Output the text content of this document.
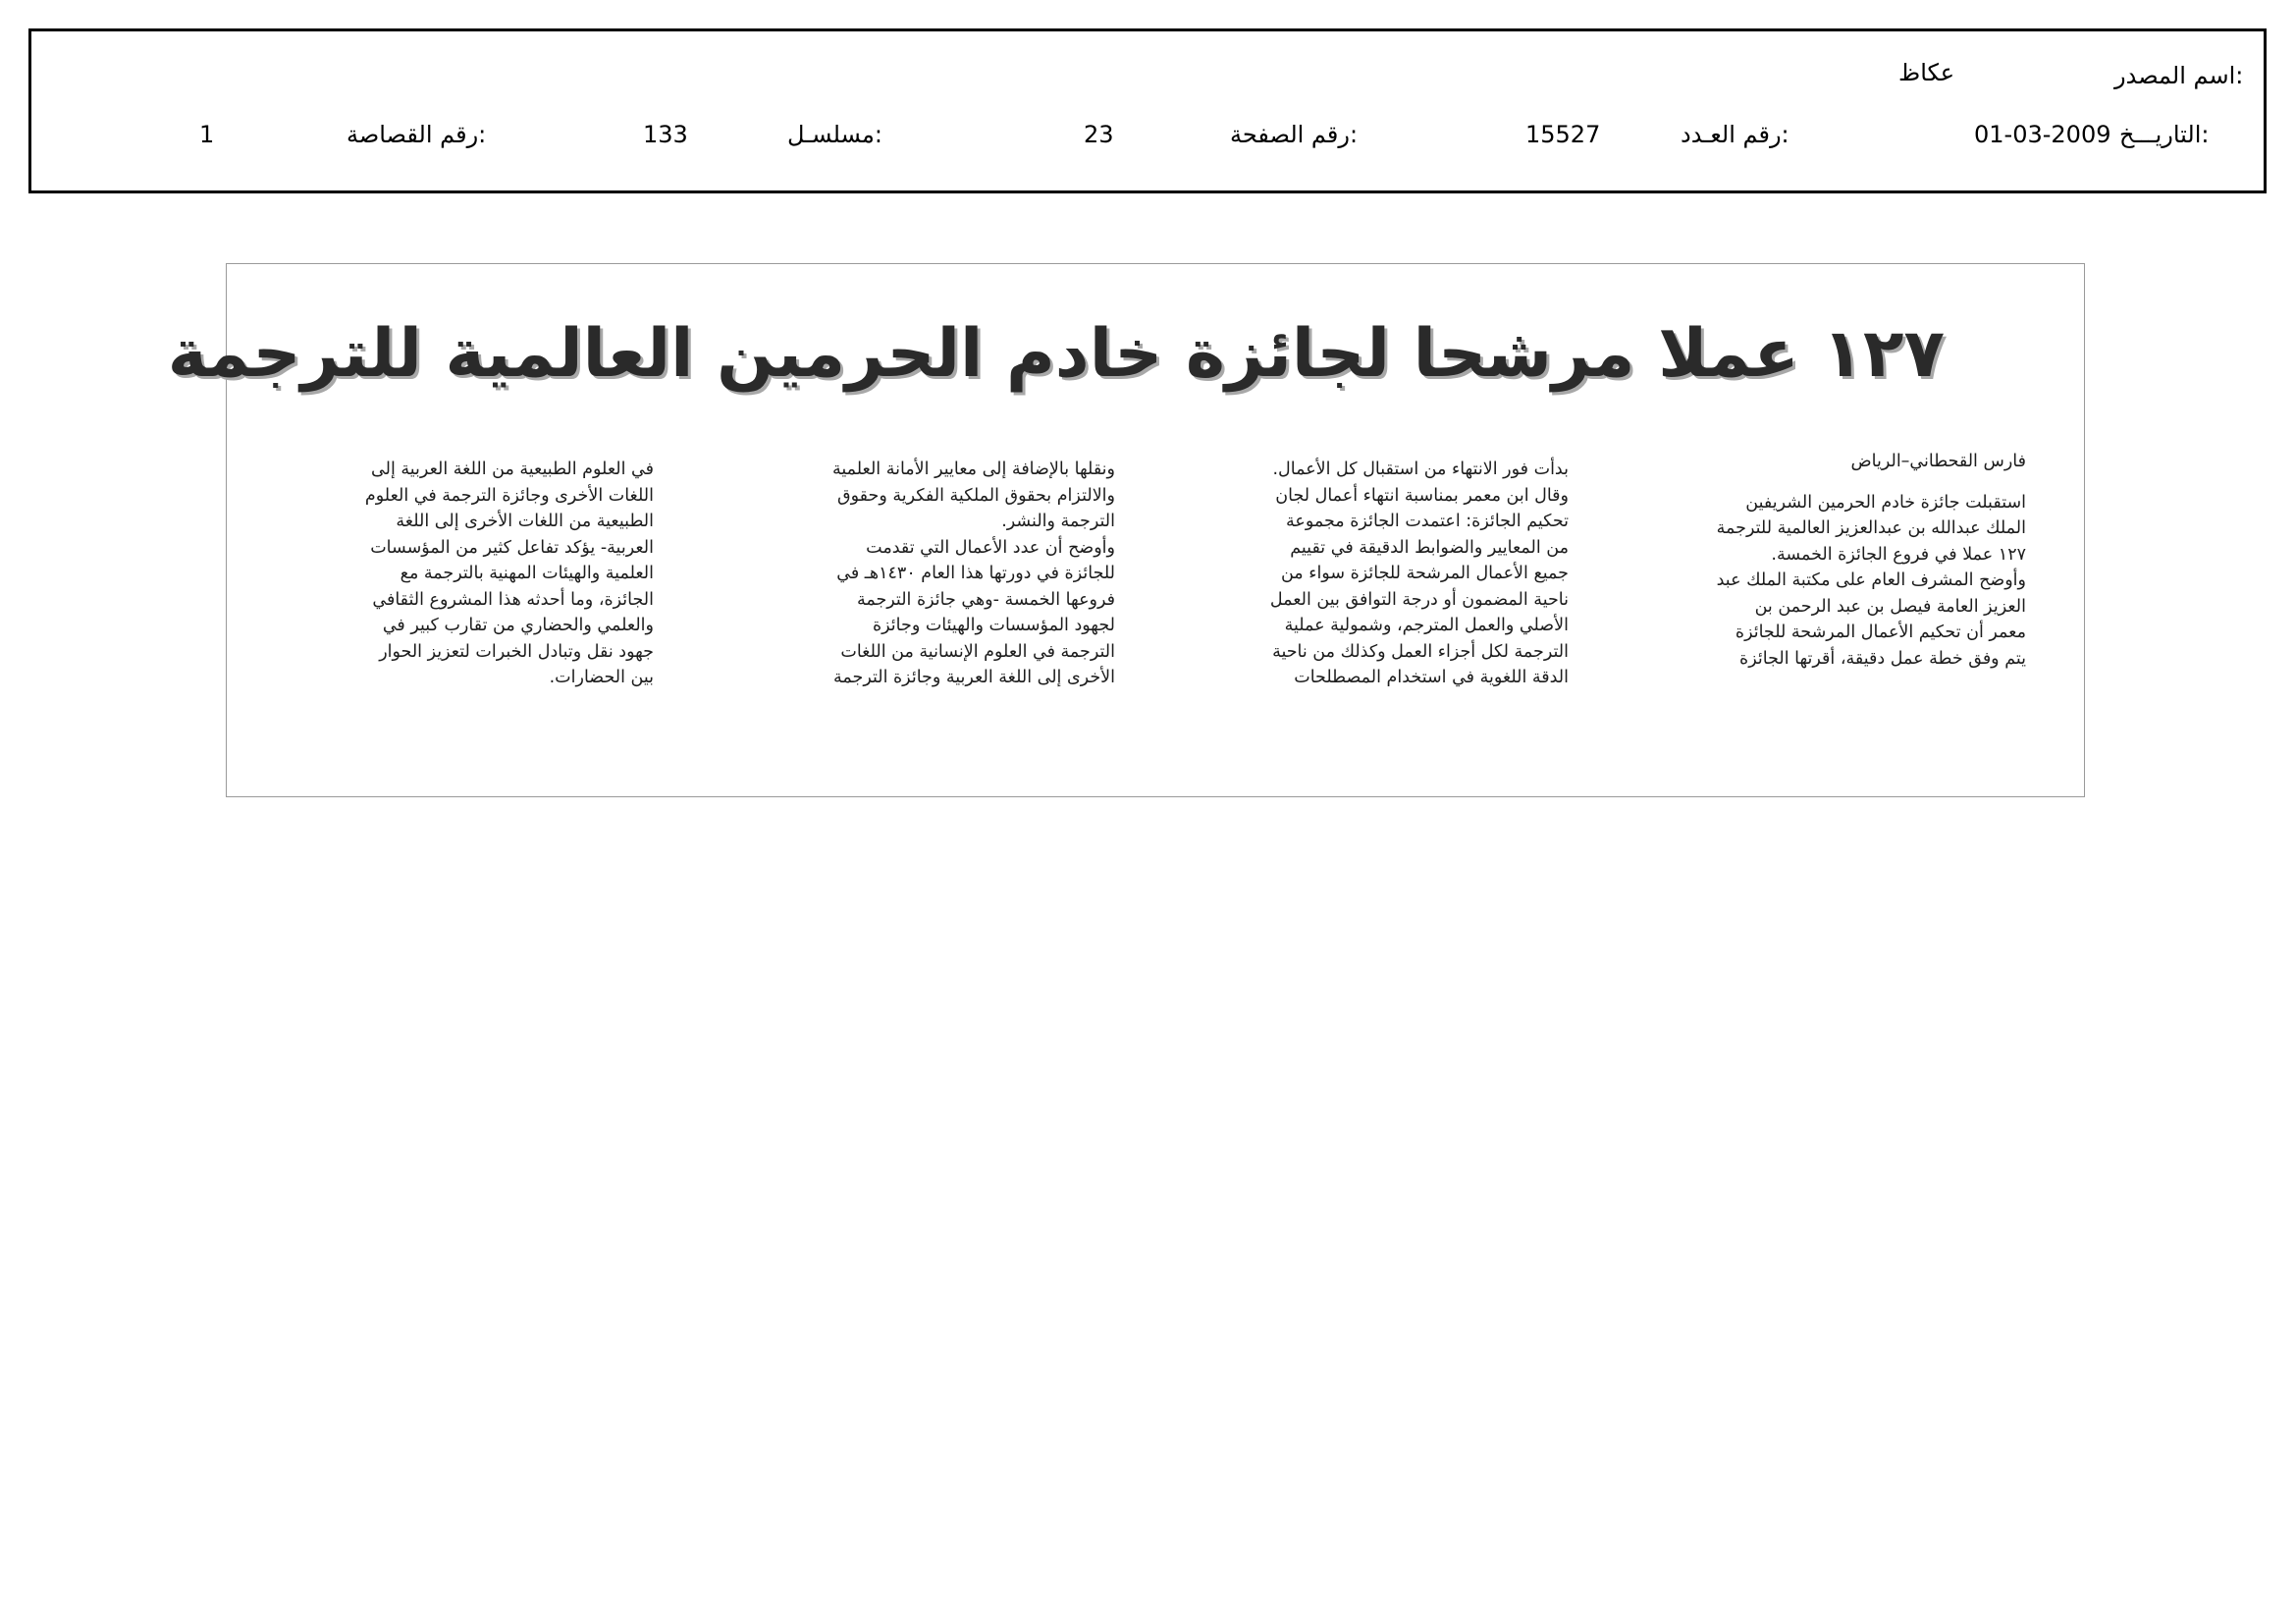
اسم المصدر:
عكاظ
التاريـــخ:
01-03-2009
رقم العـدد:
15527
رقم الصفحة:
23
مسلسـل:
133
رقم القصاصة:
1
١٢٧ عملا مرشحا لجائزة خادم الحرمين العالمية للترجمة

فارس القحطاني–الرياض

استقبلت جائزة خادم الحرمين الشريفين

الملك عبدالله بن عبدالعزيز العالمية للترجمة

١٢٧ عملا في فروع الجائزة الخمسة.

وأوضح المشرف العام على مكتبة الملك عبد

العزيز العامة فيصل بن عبد الرحمن بن

معمر أن تحكيم الأعمال المرشحة للجائزة

يتم وفق خطة عمل دقيقة، أقرتها الجائزة

بدأت فور الانتهاء من استقبال كل الأعمال.

وقال ابن معمر بمناسبة انتهاء أعمال لجان

تحكيم الجائزة: اعتمدت الجائزة مجموعة

من المعايير والضوابط الدقيقة في تقييم

جميع الأعمال المرشحة للجائزة سواء من

ناحية المضمون أو درجة التوافق بين العمل

الأصلي والعمل المترجم، وشمولية عملية

الترجمة لكل أجزاء العمل وكذلك من ناحية

الدقة اللغوية في استخدام المصطلحات

ونقلها بالإضافة إلى معايير الأمانة العلمية

والالتزام بحقوق الملكية الفكرية وحقوق

الترجمة والنشر.

وأوضح أن عدد الأعمال التي تقدمت

للجائزة في دورتها هذا العام ١٤٣٠هـ في

فروعها الخمسة -وهي جائزة الترجمة

لجهود المؤسسات والهيئات وجائزة

الترجمة في العلوم الإنسانية من اللغات

الأخرى إلى اللغة العربية وجائزة الترجمة

في العلوم الطبيعية من اللغة العربية إلى

اللغات الأخرى وجائزة الترجمة في العلوم

الطبيعية من اللغات الأخرى إلى اللغة

العربية- يؤكد تفاعل كثير من المؤسسات

العلمية والهيئات المهنية بالترجمة مع

الجائزة، وما أحدثه هذا المشروع الثقافي

والعلمي والحضاري من تقارب كبير في

جهود نقل وتبادل الخبرات لتعزيز الحوار

بين الحضارات.
